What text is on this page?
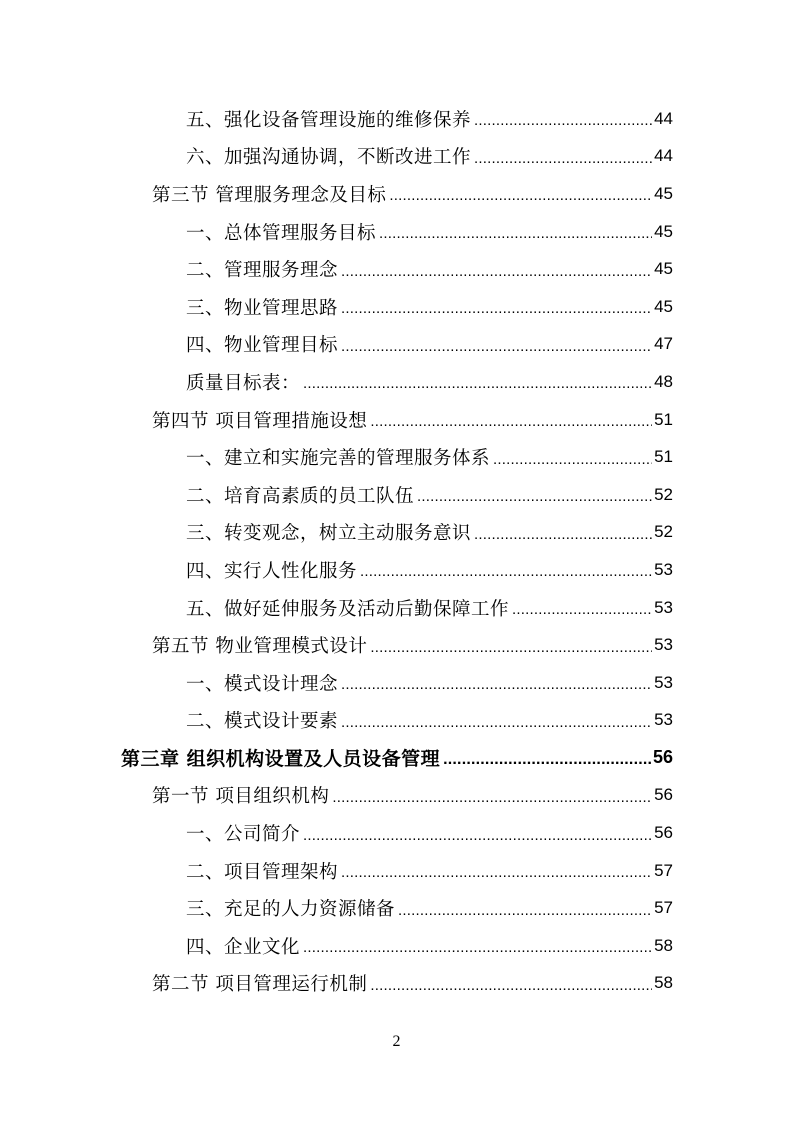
五、强化设备管理设施的维修保养 .....	44
六、加强沟通协调，不断改进工作 .....	44
第三节 管理服务理念及目标 .....	45
一、总体管理服务目标 .....	45
二、管理服务理念 .....	45
三、物业管理思路 .....	45
四、物业管理目标 .....	47
质量目标表： .....	48
第四节 项目管理措施设想 .....	51
一、建立和实施完善的管理服务体系 .....	51
二、培育高素质的员工队伍 .....	52
三、转变观念，树立主动服务意识 .....	52
四、实行人性化服务 .....	53
五、做好延伸服务及活动后勤保障工作 .....	53
第五节 物业管理模式设计 .....	53
一、模式设计理念 .....	53
二、模式设计要素 .....	53
第三章 组织机构设置及人员设备管理 .....	56
第一节 项目组织机构 .....	56
一、公司简介 .....	56
二、项目管理架构 .....	57
三、充足的人力资源储备 .....	57
四、企业文化 .....	58
第二节 项目管理运行机制 .....	58
2
